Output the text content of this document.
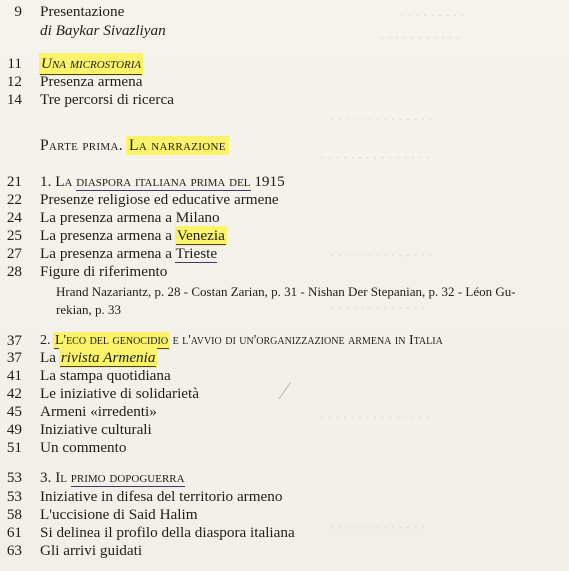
· · · · · · · · ·
· · · · · · · · · · ·
· · · · · · · · · · · · · ·
· · · · · · · · · · · · · · ·
· · · · · · · · · · · · · ·
· · · · · · · · · · · · ·
· · · · · · · · · · · · · · ·
· · · · · · · · · · · · ·
9 Presentazione
di Baykar Sivazliyan
11 Una microstoria
12 Presenza armena
14 Tre percorsi di ricerca
Parte prima. La narrazione
21 1. La diaspora italiana prima del 1915
22 Presenze religiose ed educative armene
24 La presenza armena a Milano
25 La presenza armena a Venezia
27 La presenza armena a Trieste
28 Figure di riferimento
Hrand Nazariantz, p. 28 - Costan Zarian, p. 31 - Nishan Der Stepanian, p. 32 - Léon Gu-
rekian, p. 33
37 2. L'eco del genocidio e l'avvio di un'organizzazione armena in Italia
37 La rivista Armenia
41 La stampa quotidiana
42 Le iniziative di solidarietà
45 Armeni «irredenti»
49 Iniziative culturali
51 Un commento
53 3. Il primo dopoguerra
53 Iniziative in difesa del territorio armeno
58 L'uccisione di Said Halim
61 Si delinea il profilo della diaspora italiana
63 Gli arrivi guidati
